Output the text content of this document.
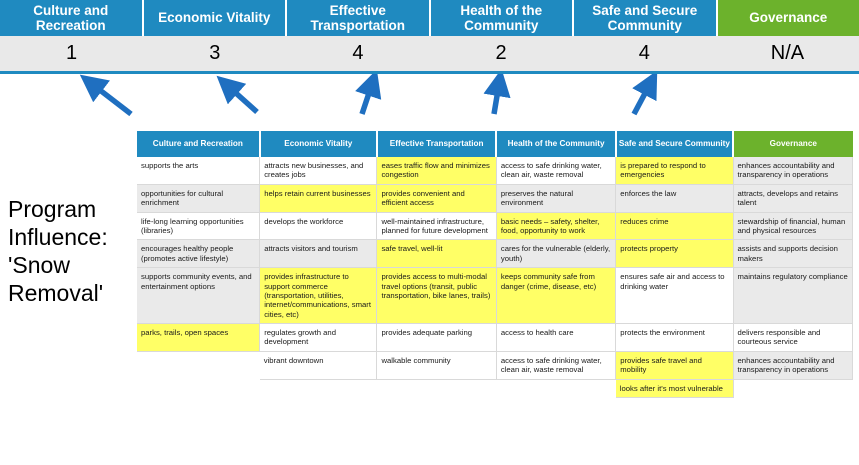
Culture and Recreation
Economic Vitality
Effective Transportation
Health of the Community
Safe and Secure Community
Governance
1	3	4	2	4	N/A
Program
Influence:
'Snow
Removal'
Culture and Recreation	Economic Vitality	Effective Transportation	Health of the Community	Safe and Secure Community	Governance
supports the arts	attracts new businesses, and creates jobs	eases traffic flow and minimizes congestion	access to safe drinking water, clean air, waste removal	is prepared to respond to emergencies	enhances accountability and transparency in operations
opportunities for cultural enrichment	helps retain current businesses	provides convenient and efficient access	preserves the natural environment	enforces the law	attracts, develops and retains talent
life-long learning opportunities (libraries)	develops the workforce	well-maintained infrastructure, planned for future development	basic needs – safety, shelter, food, opportunity to work	reduces crime	stewardship of financial, human and physical resources
encourages healthy people (promotes active lifestyle)	attracts visitors and tourism	safe travel, well-lit	cares for the vulnerable (elderly, youth)	protects property	assists and supports decision makers
supports community events, and entertainment options	provides infrastructure to support commerce (transportation, utilities, internet/communications, smart cities, etc)	provides access to multi-modal travel options (transit, public transportation, bike lanes, trails)	keeps community safe from danger (crime, disease, etc)	ensures safe air and access to drinking water	maintains regulatory compliance
parks, trails, open spaces	regulates growth and development	provides adequate parking	access to health care	protects the environment	delivers responsible and courteous service
	vibrant downtown	walkable community	access to safe drinking water, clean air, waste removal	provides safe travel and mobility	enhances accountability and transparency in operations
				looks after it's most vulnerable	
